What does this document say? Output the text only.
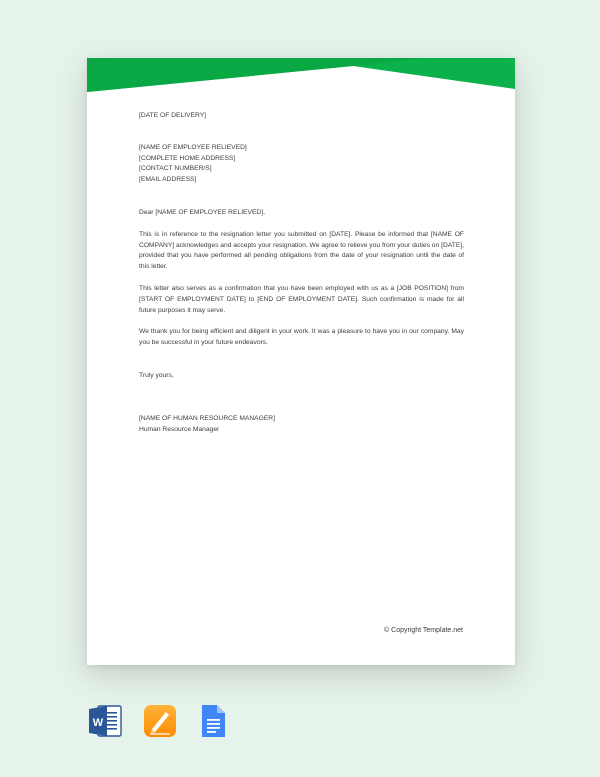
[DATE OF DELIVERY]

[NAME OF EMPLOYEE RELIEVED]

[COMPLETE HOME ADDRESS]

[CONTACT NUMBER/S]

[EMAIL ADDRESS]

Dear [NAME OF EMPLOYEE RELIEVED],

This is in reference to the resignation letter you submitted on [DATE]. Please be informed that [NAME OF COMPANY] acknowledges and accepts your resignation. We agree to relieve you from your duties on [DATE], provided that you have performed all pending obligations from the date of your resignation until the date of this letter.

This letter also serves as a confirmation that you have been employed with us as a [JOB POSITION] from [START OF EMPLOYMENT DATE] to [END OF EMPLOYMENT DATE]. Such confirmation is made for all future purposes it may serve.

We thank you for being efficient and diligent in your work. It was a pleasure to have you in our company. May you be successful in your future endeavors.

Truly yours,

[NAME OF HUMAN RESOURCE MANAGER]

Human Resource Manager

© Copyright Template.net
W
